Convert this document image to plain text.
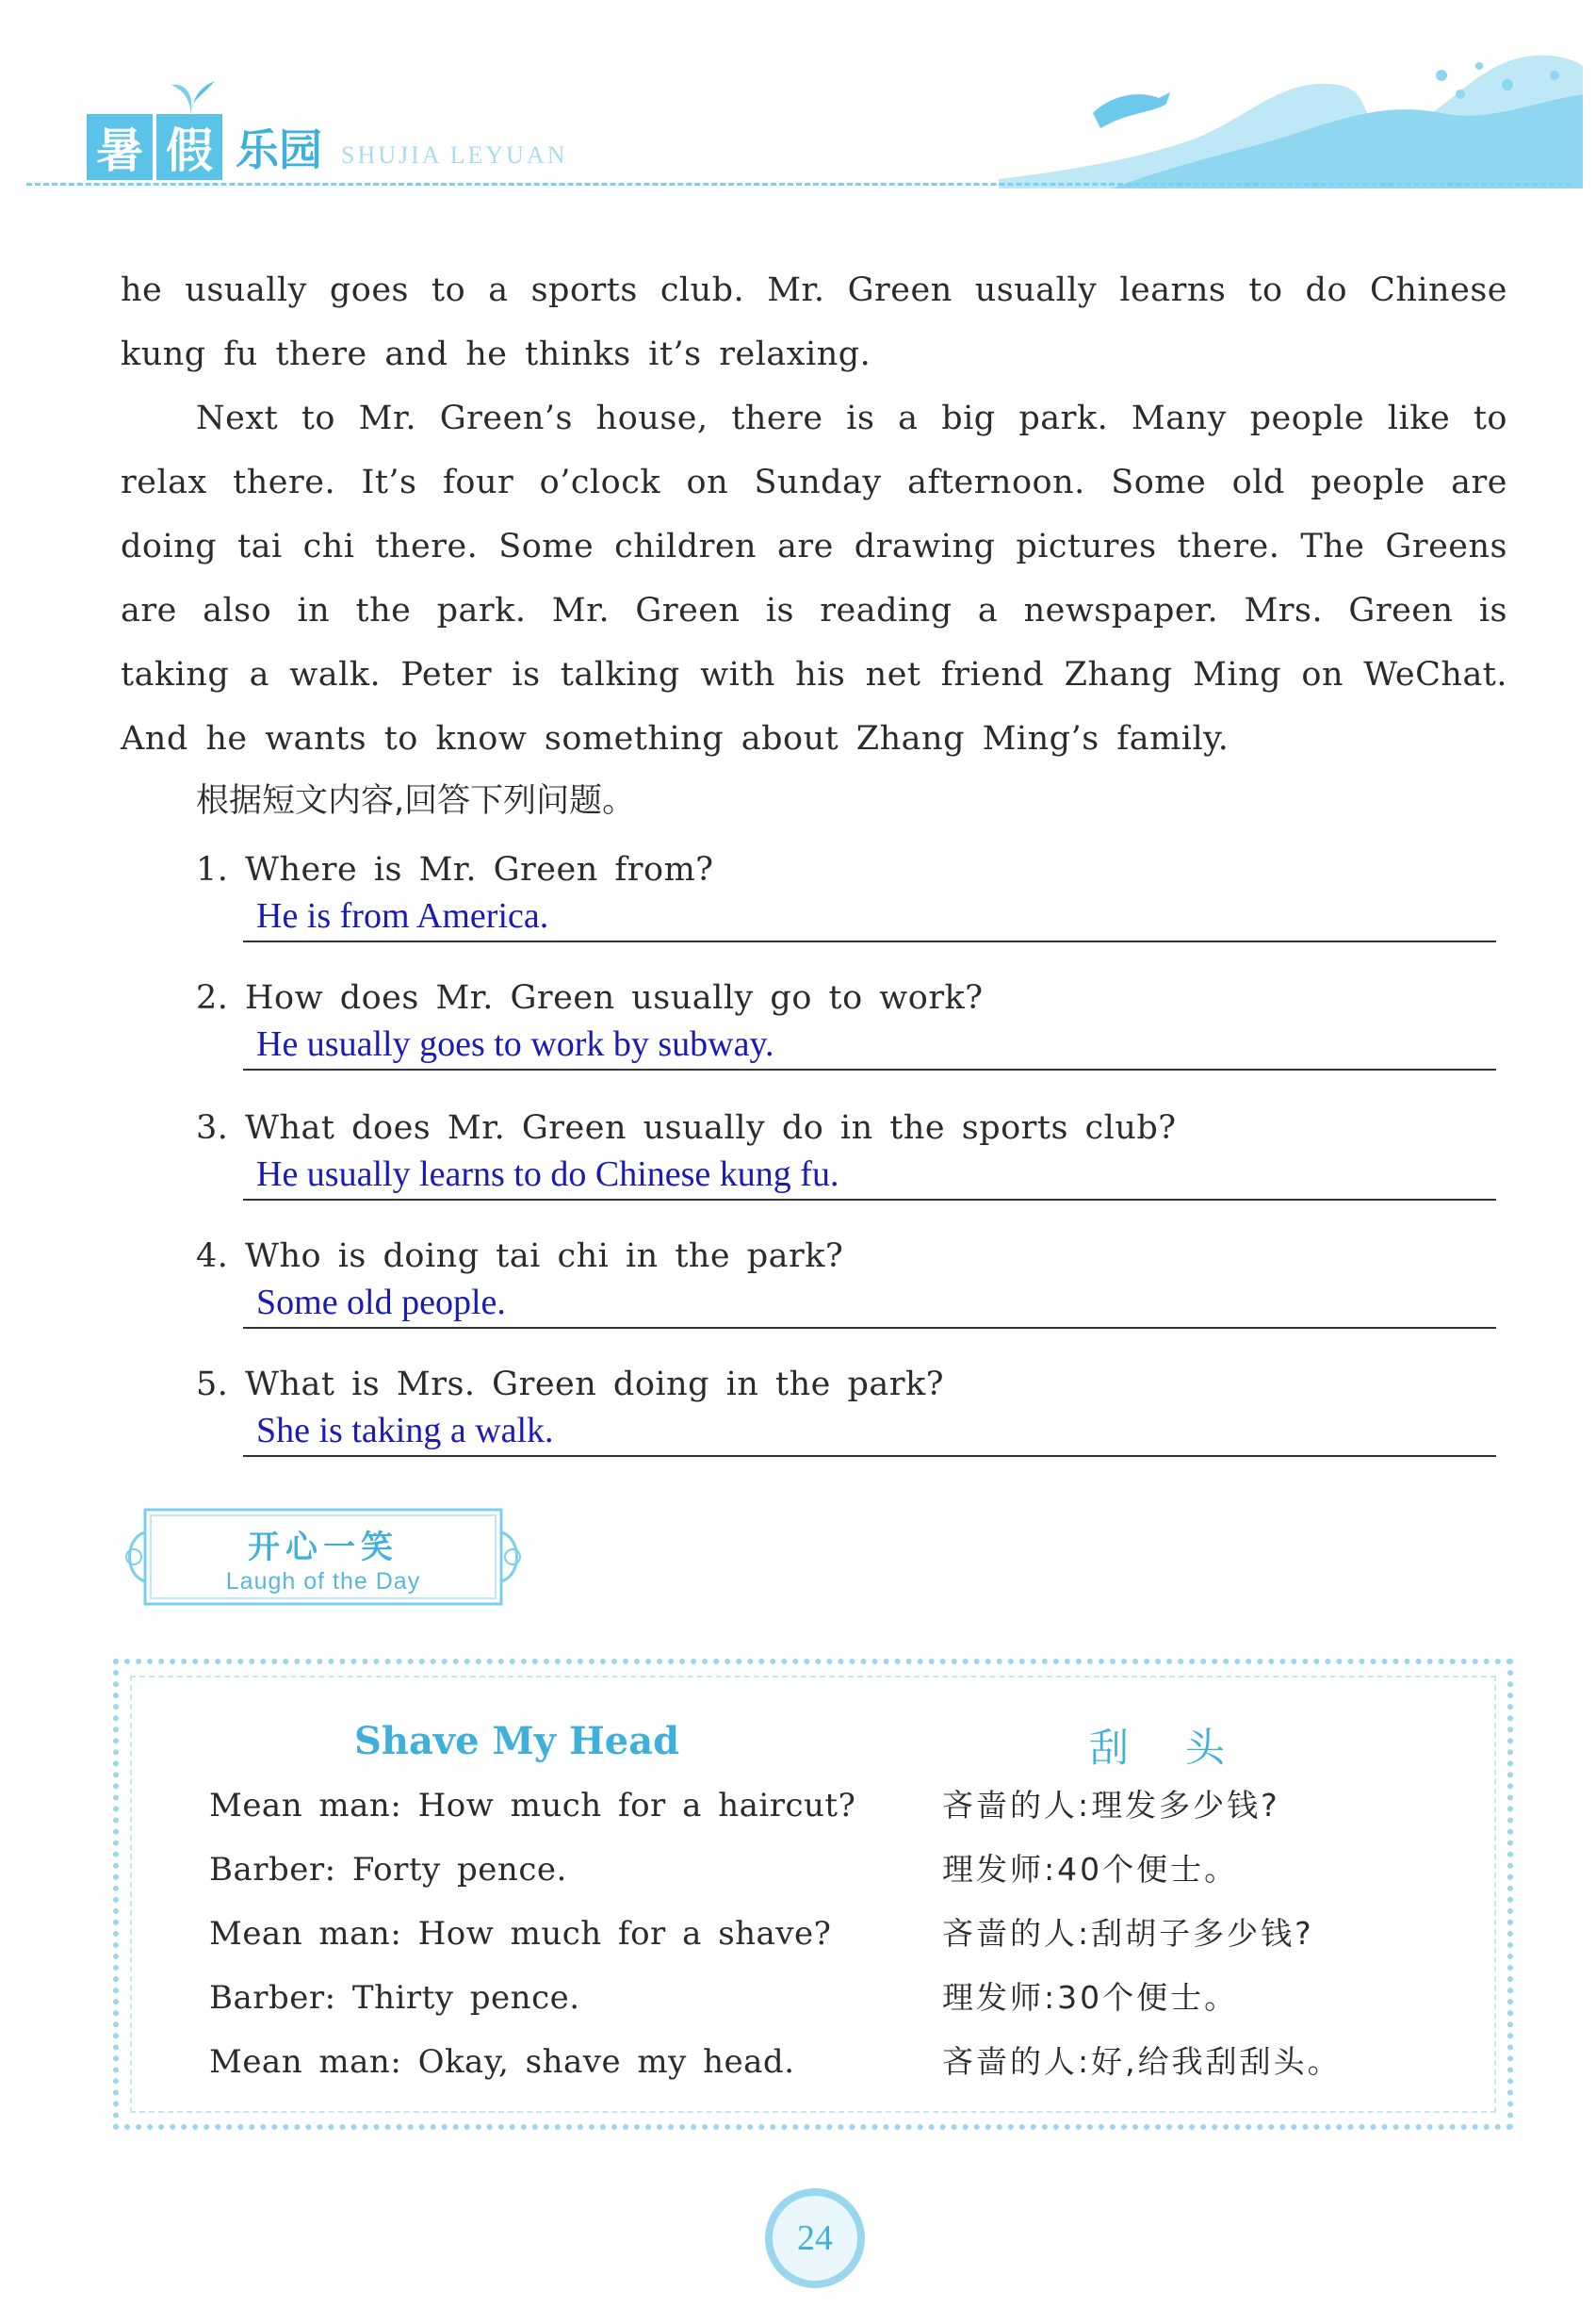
暑 假 乐园 SHUJIA LEYUAN

he usually goes to a sports club. Mr. Green usually learns to do Chinese kung fu there and he thinks it’s relaxing.

Next to Mr. Green’s house, there is a big park. Many people like to relax there. It’s four o’clock on Sunday afternoon. Some old people are doing tai chi there. Some children are drawing pictures there. The Greens are also in the park. Mr. Green is reading a newspaper. Mrs. Green is taking a walk. Peter is talking with his net friend Zhang Ming on WeChat. And he wants to know something about Zhang Ming’s family.

根据短文内容,回答下列问题。
1. Where is Mr. Green from?
He is from America.
2. How does Mr. Green usually go to work?
He usually goes to work by subway.
3. What does Mr. Green usually do in the sports club?
He usually learns to do Chinese kung fu.
4. Who is doing tai chi in the park?
Some old people.
5. What is Mrs. Green doing in the park?
She is taking a walk.
开心一笑
Laugh of the Day
Shave My Head	刮头
Mean man: How much for a haircut?
Barber: Forty pence.
Mean man: How much for a shave?
Barber: Thirty pence.
Mean man: Okay, shave my head.
吝啬的人:理发多少钱?
理发师:40个便士。
吝啬的人:刮胡子多少钱?
理发师:30个便士。
吝啬的人:好,给我刮刮头。
24
